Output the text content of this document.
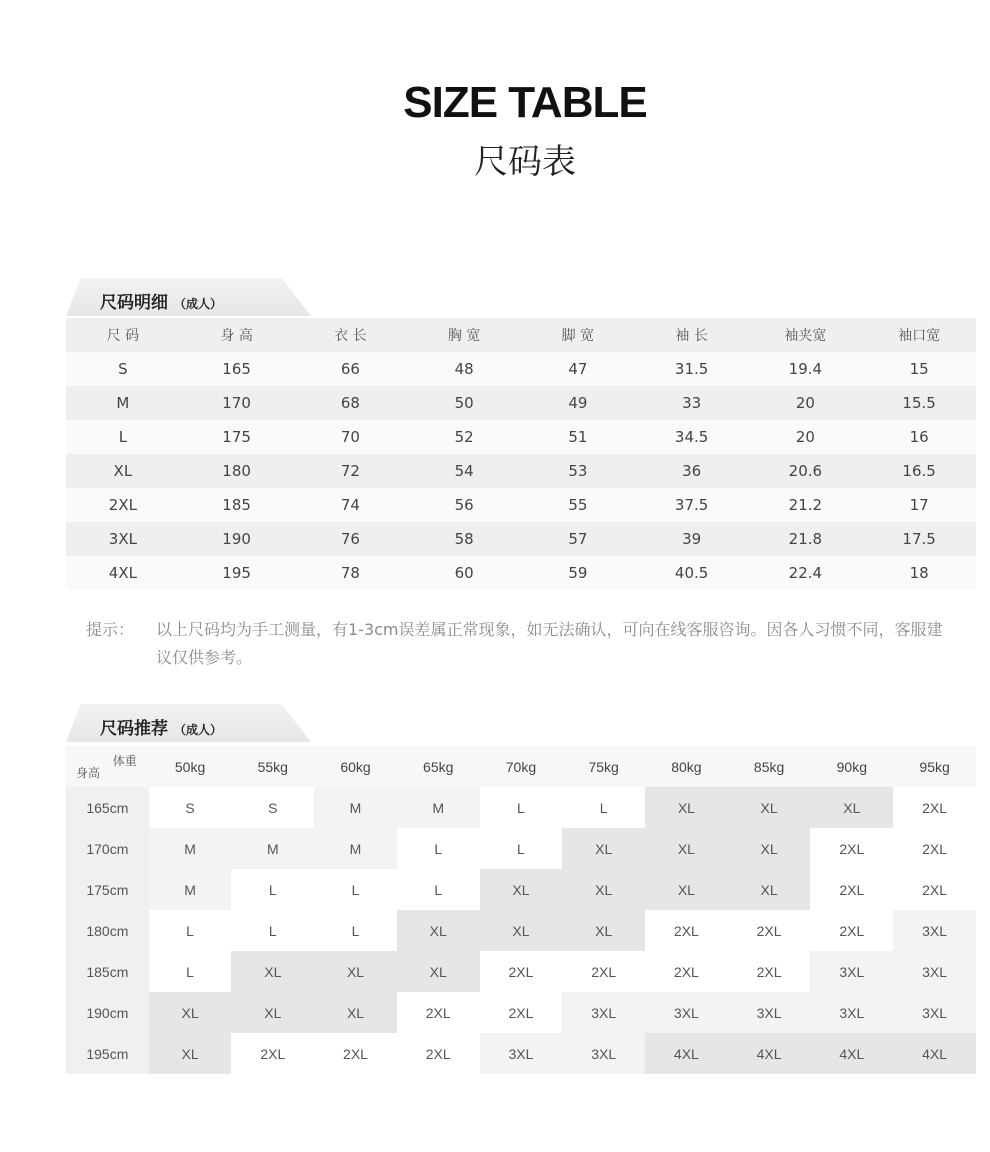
SIZE TABLE
尺码表
尺码明细 （成人）
尺 码	身 高	衣 长	胸 宽	脚 宽	袖 长	袖夹宽	袖口宽
S	165	66	48	47	31.5	19.4	15
M	170	68	50	49	33	20	15.5
L	175	70	52	51	34.5	20	16
XL	180	72	54	53	36	20.6	16.5
2XL	185	74	56	55	37.5	21.2	17
3XL	190	76	58	57	39	21.8	17.5
4XL	195	78	60	59	40.5	22.4	18
提示： 以上尺码均为手工测量，有1-3cm误差属正常现象，如无法确认，可向在线客服咨询。因各人习惯不同，客服建议仅供参考。
尺码推荐 （成人）
体重
身高	50kg	55kg	60kg	65kg	70kg	75kg	80kg	85kg	90kg	95kg
165cm	S	S	M	M	L	L	XL	XL	XL	2XL
170cm	M	M	M	L	L	XL	XL	XL	2XL	2XL
175cm	M	L	L	L	XL	XL	XL	XL	2XL	2XL
180cm	L	L	L	XL	XL	XL	2XL	2XL	2XL	3XL
185cm	L	XL	XL	XL	2XL	2XL	2XL	2XL	3XL	3XL
190cm	XL	XL	XL	2XL	2XL	3XL	3XL	3XL	3XL	3XL
195cm	XL	2XL	2XL	2XL	3XL	3XL	4XL	4XL	4XL	4XL
